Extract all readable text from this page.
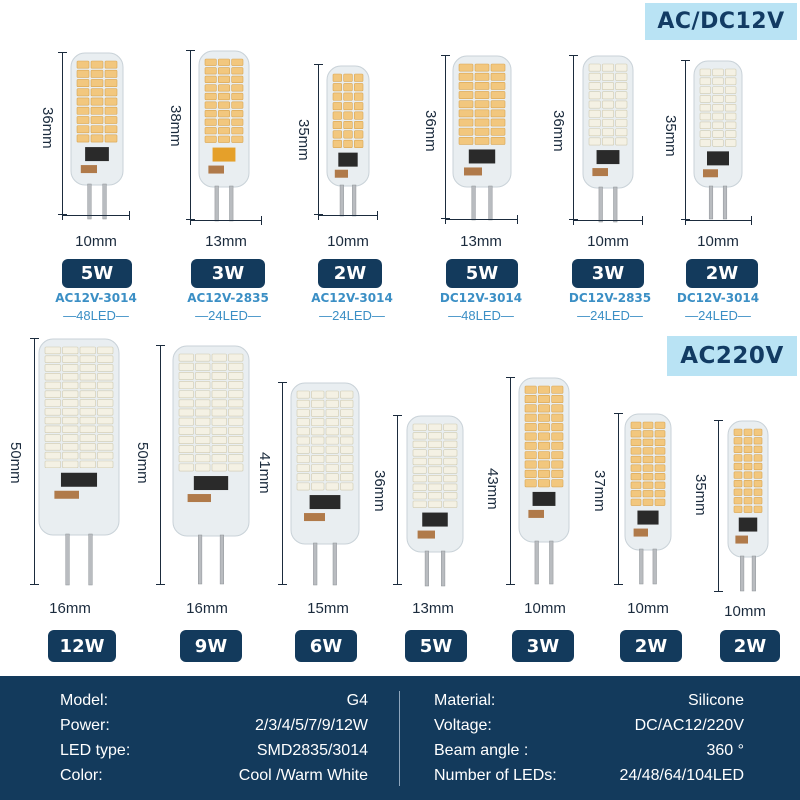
AC/DC12V
AC220V
Model:	G4
Power:	2/3/4/5/7/9/12W
LED type:	SMD2835/3014
Color:	Cool /Warm White
Material:	Silicone
Voltage:	DC/AC12/220V
Beam angle :	360 °
Number of LEDs:	24/48/64/104LED
36mm
10mm
5W
AC12V-3014
—48LED—
38mm
13mm
3W
AC12V-2835
—24LED—
35mm
10mm
2W
AC12V-3014
—24LED—
36mm
13mm
5W
DC12V-3014
—48LED—
36mm
10mm
3W
DC12V-2835
—24LED—
35mm
10mm
2W
DC12V-3014
—24LED—
50mm
16mm
12W
50mm
16mm
9W
41mm
15mm
6W
36mm
13mm
5W
43mm
10mm
3W
37mm
10mm
2W
35mm
10mm
2W
